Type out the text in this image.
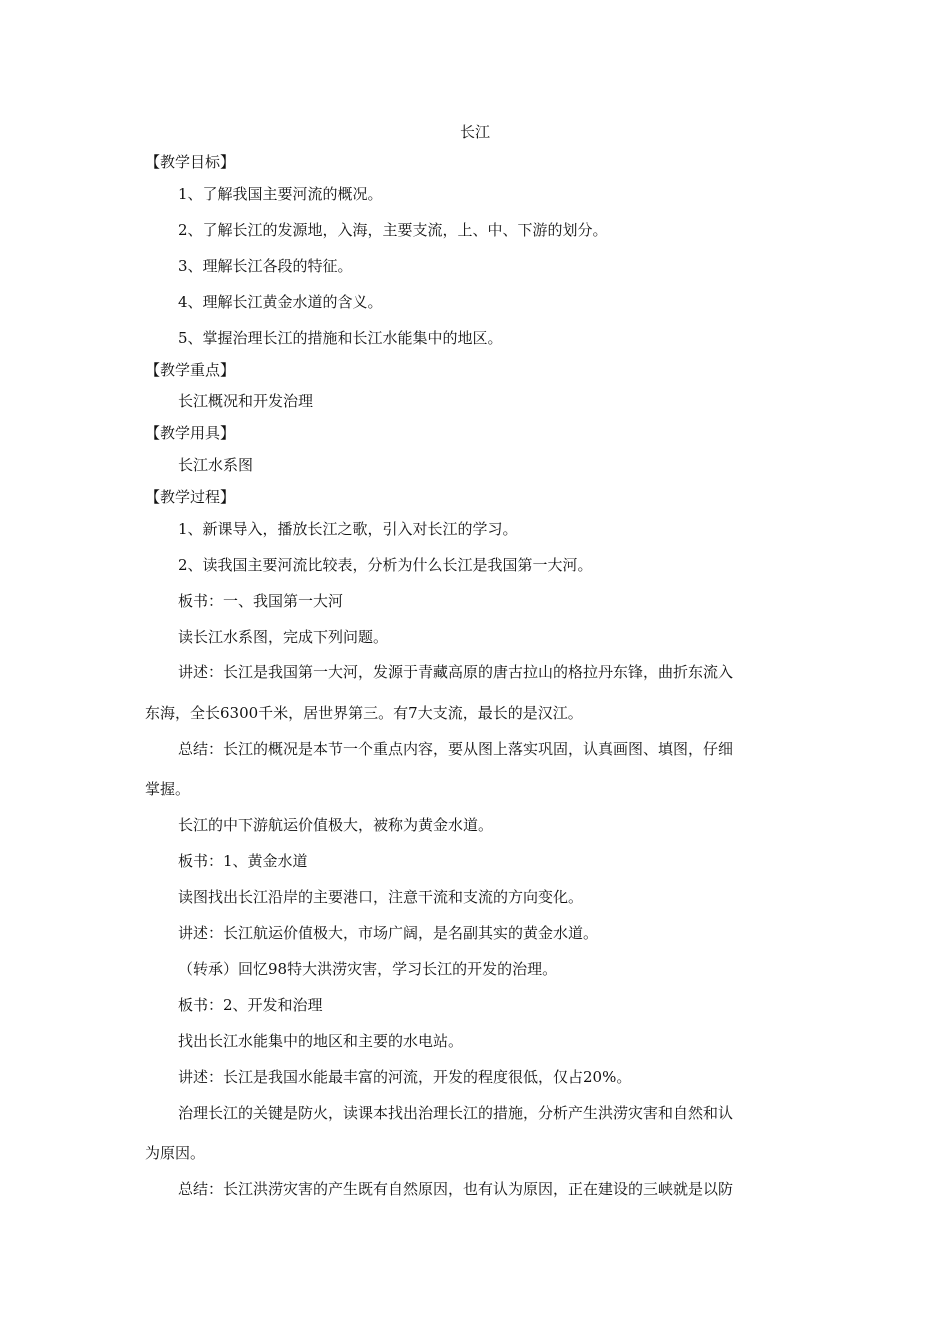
长江
【教学目标】
1、了解我国主要河流的概况。
2、了解长江的发源地，入海，主要支流，上、中、下游的划分。
3、理解长江各段的特征。
4、理解长江黄金水道的含义。
5、掌握治理长江的措施和长江水能集中的地区。
【教学重点】
长江概况和开发治理
【教学用具】
长江水系图
【教学过程】
1、新课导入，播放长江之歌，引入对长江的学习。
2、读我国主要河流比较表，分析为什么长江是我国第一大河。
板书：一、我国第一大河
读长江水系图，完成下列问题。
讲述：长江是我国第一大河，发源于青藏高原的唐古拉山的格拉丹东锋，曲折东流入
东海，全长6300千米，居世界第三。有7大支流，最长的是汉江。
总结：长江的概况是本节一个重点内容，要从图上落实巩固，认真画图、填图，仔细
掌握。
长江的中下游航运价值极大，被称为黄金水道。
板书：1、黄金水道
读图找出长江沿岸的主要港口，注意干流和支流的方向变化。
讲述：长江航运价值极大，市场广阔，是名副其实的黄金水道。
（转承）回忆98特大洪涝灾害，学习长江的开发的治理。
板书：2、开发和治理
找出长江水能集中的地区和主要的水电站。
讲述：长江是我国水能最丰富的河流，开发的程度很低，仅占20%。
治理长江的关键是防火，读课本找出治理长江的措施，分析产生洪涝灾害和自然和认
为原因。
总结：长江洪涝灾害的产生既有自然原因，也有认为原因，正在建设的三峡就是以防
